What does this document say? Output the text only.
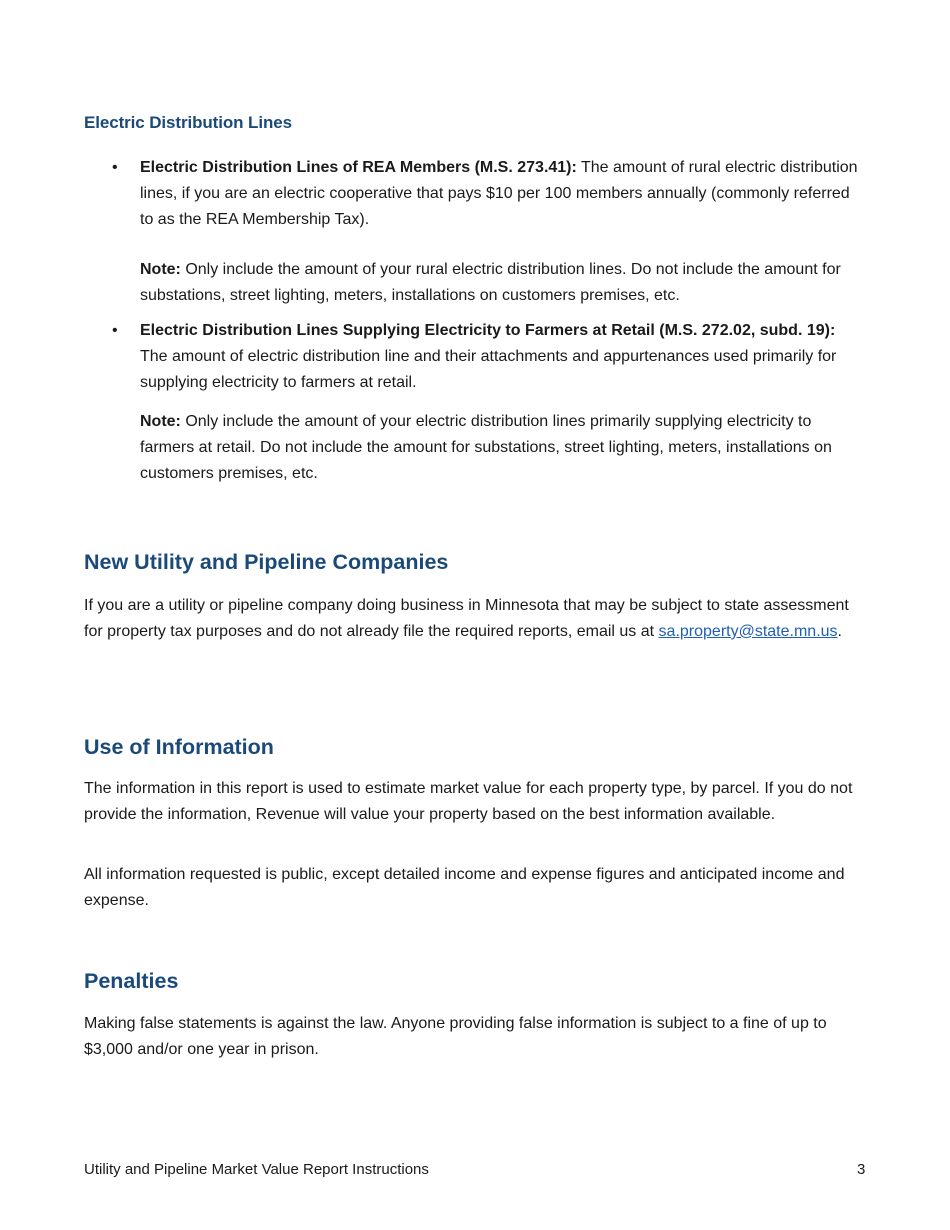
Electric Distribution Lines
• Electric Distribution Lines of REA Members (M.S. 273.41): The amount of rural electric distribution lines, if you are an electric cooperative that pays $10 per 100 members annually (commonly referred to as the REA Membership Tax).

Note: Only include the amount of your rural electric distribution lines. Do not include the amount for substations, street lighting, meters, installations on customers premises, etc.

• Electric Distribution Lines Supplying Electricity to Farmers at Retail (M.S. 272.02, subd. 19): The amount of electric distribution line and their attachments and appurtenances used primarily for supplying electricity to farmers at retail.

Note: Only include the amount of your electric distribution lines primarily supplying electricity to farmers at retail. Do not include the amount for substations, street lighting, meters, installations on customers premises, etc.

New Utility and Pipeline Companies

If you are a utility or pipeline company doing business in Minnesota that may be subject to state assessment for property tax purposes and do not already file the required reports, email us at sa.property@state.mn.us.

Use of Information

The information in this report is used to estimate market value for each property type, by parcel. If you do not provide the information, Revenue will value your property based on the best information available.

All information requested is public, except detailed income and expense figures and anticipated income and expense.

Penalties

Making false statements is against the law. Anyone providing false information is subject to a fine of up to $3,000 and/or one year in prison.

Utility and Pipeline Market Value Report Instructions	3
